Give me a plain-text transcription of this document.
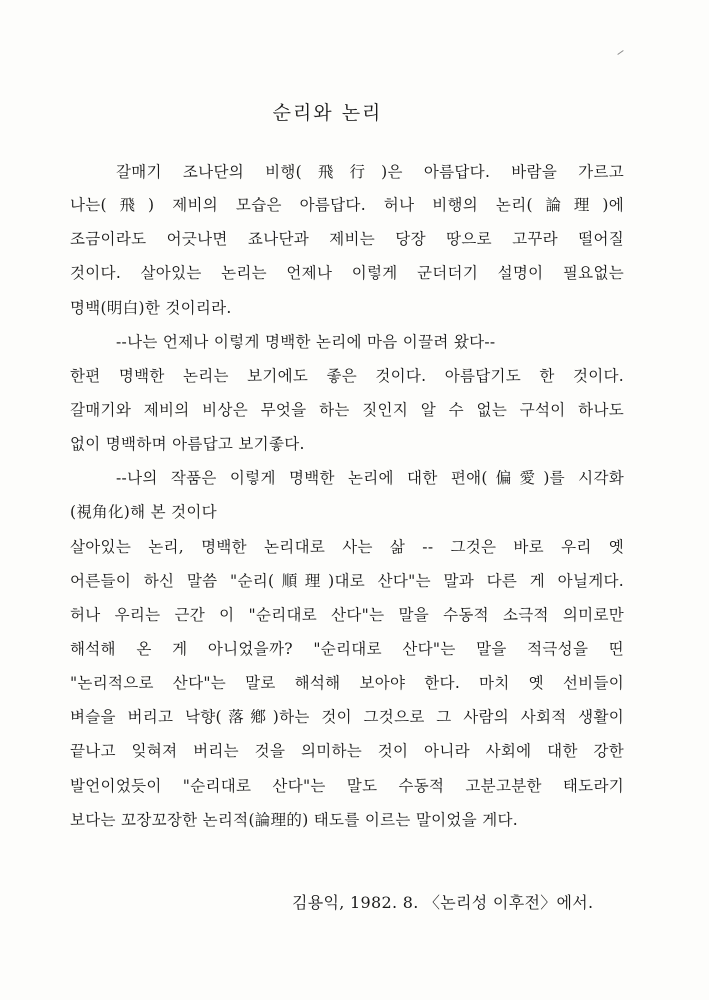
순리와 논리
갈매기 조나단의 비행(飛行)은 아름답다. 바람을 가르고
나는(飛) 제비의 모습은 아름답다. 허나 비행의 논리(論理)에
조금이라도 어긋나면 죠나단과 제비는 당장 땅으로 고꾸라 떨어질
것이다. 살아있는 논리는 언제나 이렇게 군더더기 설명이 필요없는
명백(明白)한 것이리라.
--나는 언제나 이렇게 명백한 논리에 마음 이끌려 왔다--
한편 명백한 논리는 보기에도 좋은 것이다. 아름답기도 한 것이다.
갈매기와 제비의 비상은 무엇을 하는 짓인지 알 수 없는 구석이 하나도
없이 명백하며 아름답고 보기좋다.
--나의 작품은 이렇게 명백한 논리에 대한 편애(偏愛)를 시각화
(視角化)해 본 것이다
살아있는 논리, 명백한 논리대로 사는 삶 -- 그것은 바로 우리 옛
어른들이 하신 말씀 "순리(順理)대로 산다"는 말과 다른 게 아닐게다.
허나 우리는 근간 이 "순리대로 산다"는 말을 수동적 소극적 의미로만
해석해 온 게 아니었을까? "순리대로 산다"는 말을 적극성을 띤
"논리적으로 산다"는 말로 해석해 보아야 한다. 마치 옛 선비들이
벼슬을 버리고 낙향(落鄕)하는 것이 그것으로 그 사람의 사회적 생활이
끝나고 잊혀져 버리는 것을 의미하는 것이 아니라 사회에 대한 강한
발언이었듯이 "순리대로 산다"는 말도 수동적 고분고분한 태도라기
보다는 꼬장꼬장한 논리적(論理的) 태도를 이르는 말이었을 게다.
김용익, 1982. 8. 〈논리성 이후전〉에서.
